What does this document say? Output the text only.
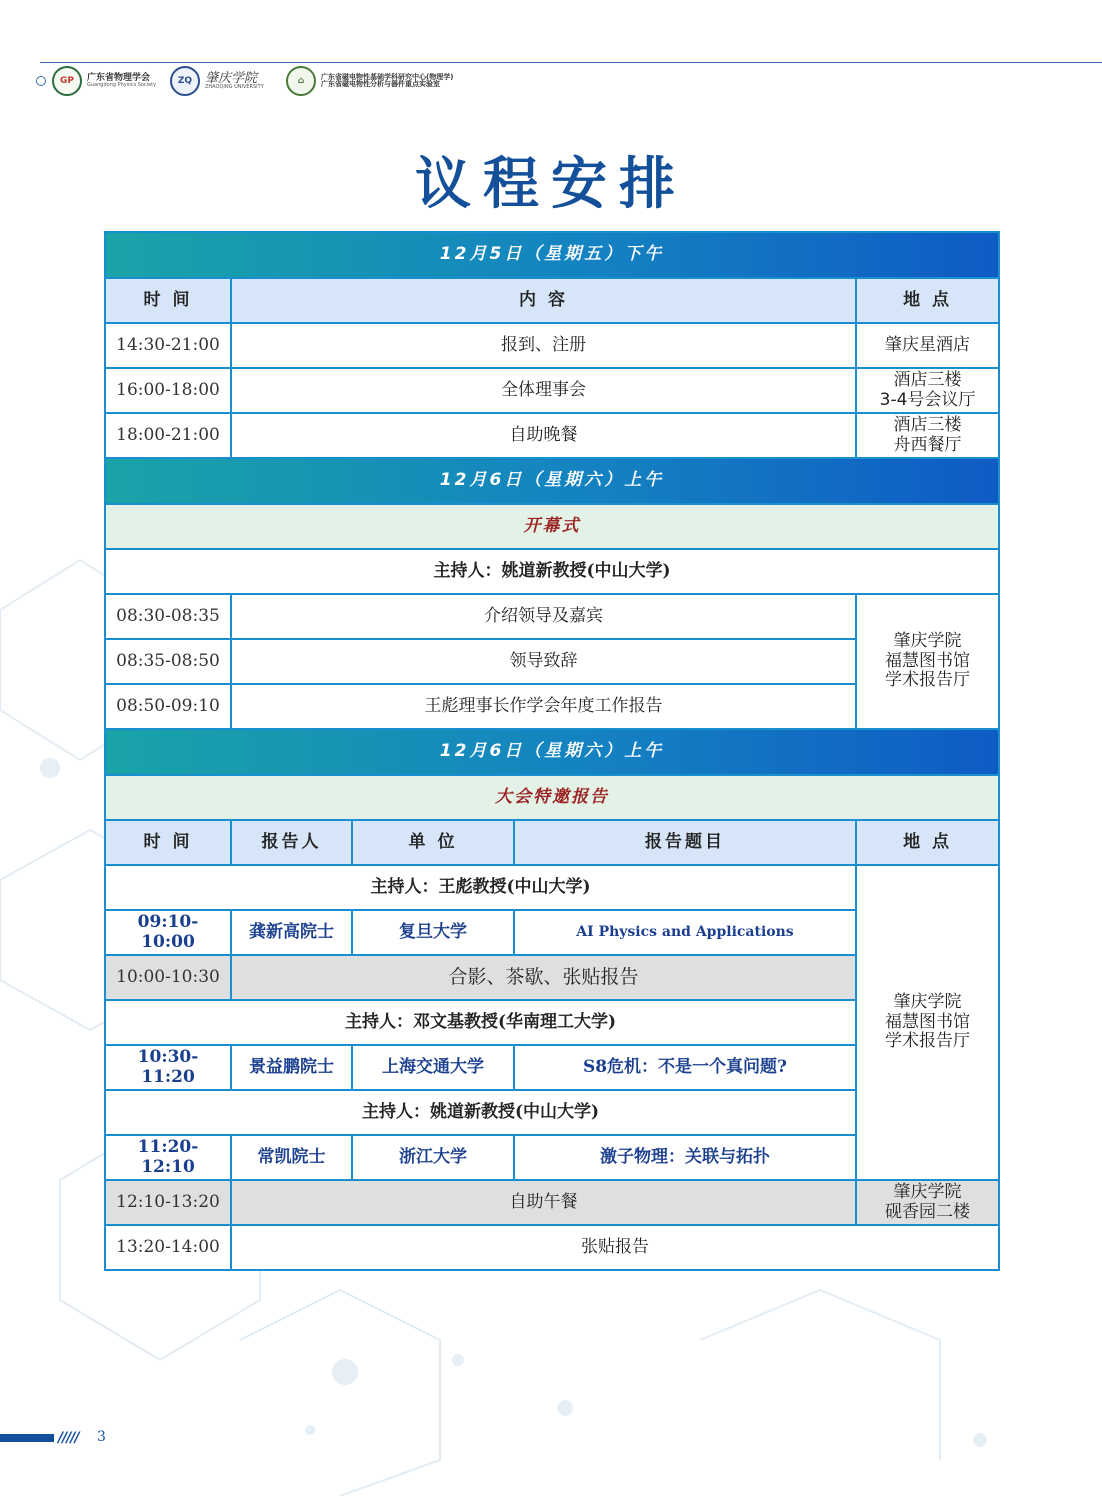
GP	广东省物理学会
Guangdong Physics Society	ZQ 肇庆学院
ZHAOQING UNIVERSITY
⌂	广东省磁电物性基础学科研究中心(物理学)
广东省磁电物性分析与器件重点实验室
议程安排
12月5日（星期五）下午				
时 间	内 容			地 点
14:30-21:00	报到、注册			肇庆星酒店
16:00-18:00	全体理事会			酒店三楼
3-4号会议厅
18:00-21:00	自助晚餐			酒店三楼
舟西餐厅
12月6日（星期六）上午				
开幕式				
主持人：姚道新教授(中山大学)				
08:30-08:35	介绍领导及嘉宾			肇庆学院
福慧图书馆
学术报告厅
08:35-08:50	领导致辞			
08:50-09:10	王彪理事长作学会年度工作报告			
12月6日（星期六）上午				
大会特邀报告				
时 间	报告人	单 位	报告题目	地 点
主持人：王彪教授(中山大学)				肇庆学院
福慧图书馆
学术报告厅
09:10-10:00	龚新高院士	复旦大学	AI Physics and Applications	
10:00-10:30	合影、茶歇、张贴报告			
主持人：邓文基教授(华南理工大学)				
10:30-11:20	景益鹏院士	上海交通大学	S8危机：不是一个真问题?	
主持人：姚道新教授(中山大学)				
11:20-12:10	常凯院士	浙江大学	激子物理：关联与拓扑	
12:10-13:20	自助午餐			肇庆学院
砚香园二楼
13:20-14:00	张贴报告			
///// 3
